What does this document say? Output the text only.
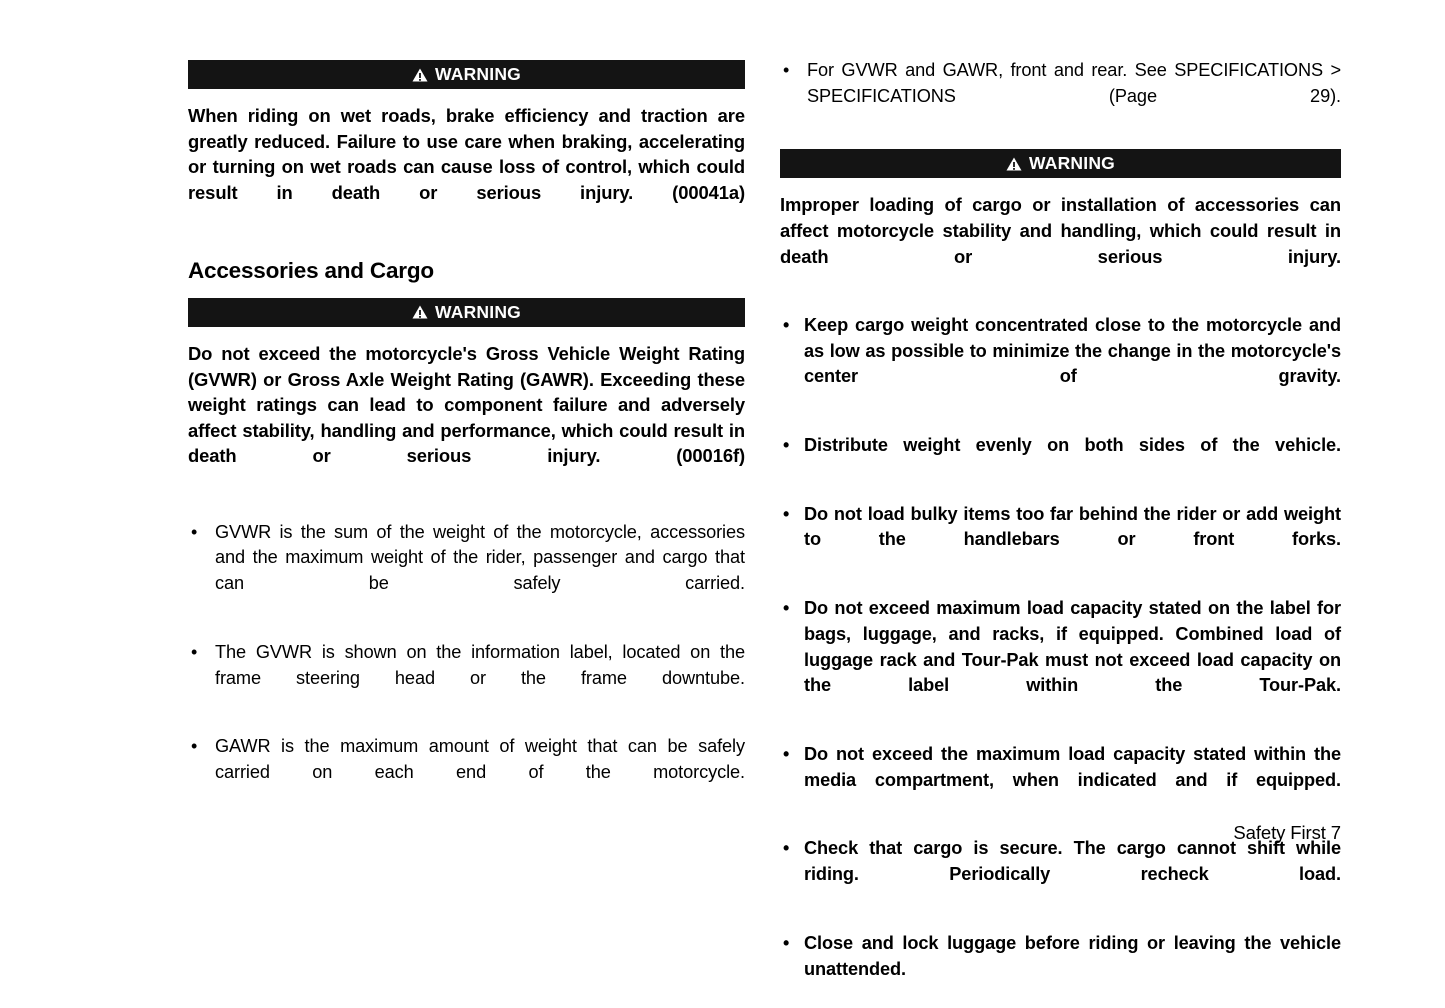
WARNING

When riding on wet roads, brake efficiency and traction are greatly reduced. Failure to use care when braking, accelerating or turning on wet roads can cause loss of control, which could result in death or serious injury. (00041a)

Accessories and Cargo
WARNING

Do not exceed the motorcycle's Gross Vehicle Weight Rating (GVWR) or Gross Axle Weight Rating (GAWR). Exceeding these weight ratings can lead to component failure and adversely affect stability, handling and performance, which could result in death or serious injury. (00016f)

• GVWR is the sum of the weight of the motorcycle, accessories and the maximum weight of the rider, passenger and cargo that can be safely carried.
• The GVWR is shown on the information label, located on the frame steering head or the frame downtube.
• GAWR is the maximum amount of weight that can be safely carried on each end of the motorcycle.
• For GVWR and GAWR, front and rear. See SPECIFICATIONS > SPECIFICATIONS (Page 29).
WARNING

Improper loading of cargo or installation of accessories can affect motorcycle stability and handling, which could result in death or serious injury.

• Keep cargo weight concentrated close to the motorcycle and as low as possible to minimize the change in the motorcycle's center of gravity.
• Distribute weight evenly on both sides of the vehicle.
• Do not load bulky items too far behind the rider or add weight to the handlebars or front forks.
• Do not exceed maximum load capacity stated on the label for bags, luggage, and racks, if equipped. Combined load of luggage rack and Tour-Pak must not exceed load capacity on the label within the Tour-Pak.
• Do not exceed the maximum load capacity stated within the media compartment, when indicated and if equipped.
• Check that cargo is secure. The cargo cannot shift while riding. Periodically recheck load.
• Close and lock luggage before riding or leaving the vehicle unattended.
Safety First 7
